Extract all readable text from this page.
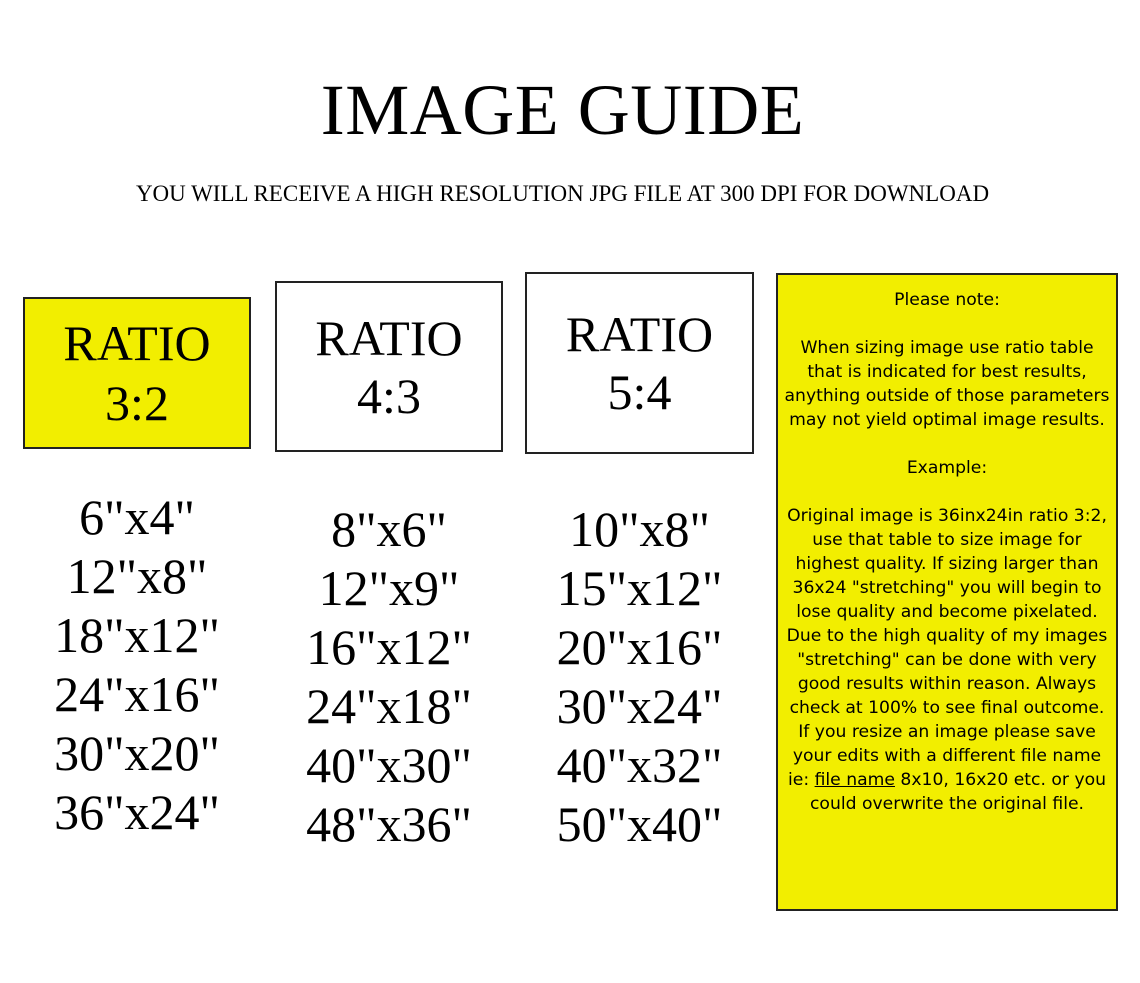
IMAGE GUIDE
YOU WILL RECEIVE A HIGH RESOLUTION JPG FILE AT 300 DPI FOR DOWNLOAD
RATIO
3:2
RATIO
4:3
RATIO
5:4
6"x4"
12"x8"
18"x12"
24"x16"
30"x20"
36"x24"
8"x6"
12"x9"
16"x12"
24"x18"
40"x30"
48"x36"
10"x8"
15"x12"
20"x16"
30"x24"
40"x32"
50"x40"

Please note:

When sizing image use ratio table that is indicated for best results, anything outside of those parameters may not yield optimal image results.

Example:

Original image is 36inx24in ratio 3:2, use that table to size image for highest quality. If sizing larger than 36x24 "stretching" you will begin to lose quality and become pixelated. Due to the high quality of my images "stretching" can be done with very good results within reason. Always check at 100% to see final outcome. If you resize an image please save your edits with a different file name ie: file name 8x10, 16x20 etc. or you could overwrite the original file.
